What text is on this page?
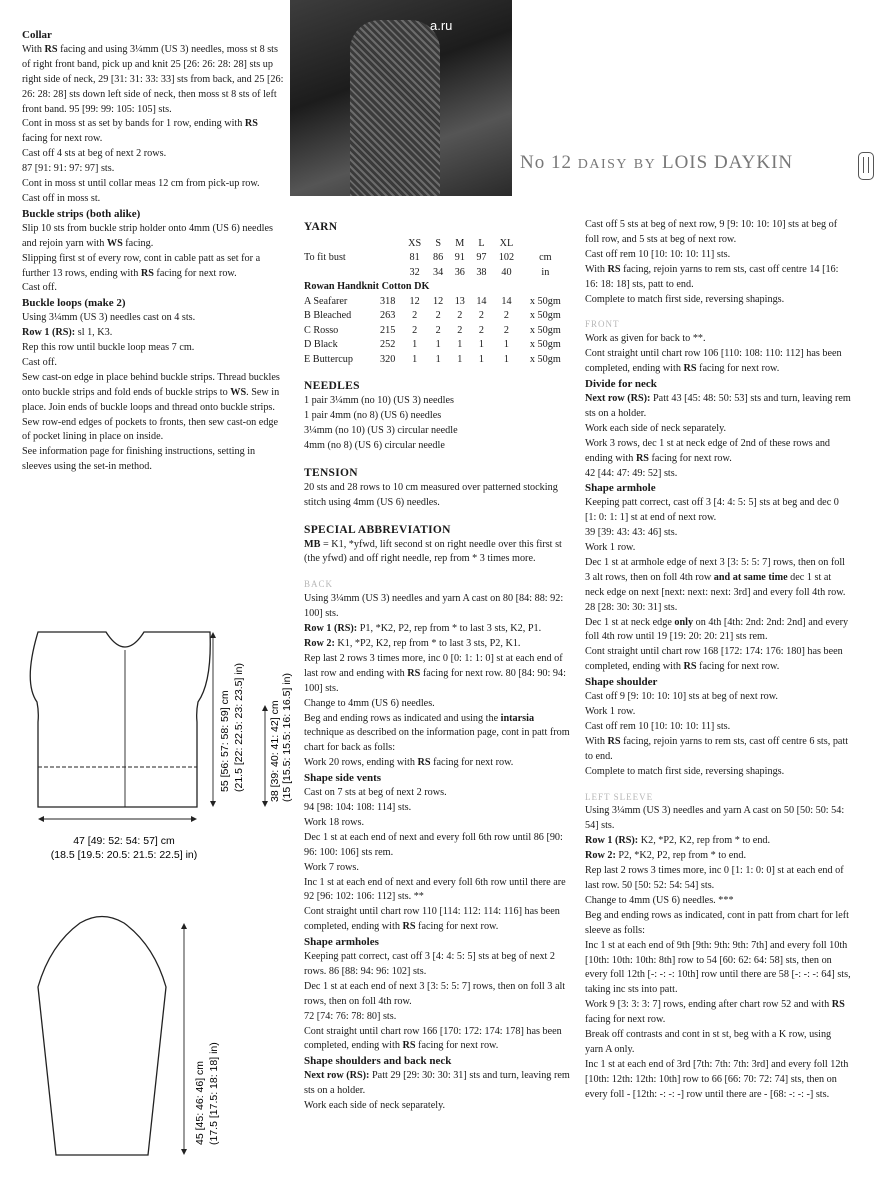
a.ru
No 12 DAISY BY LOIS DAYKIN

Collar

With RS facing and using 3¼mm (US 3) needles, moss st 8 sts of right front band, pick up and knit 25 [26: 26: 28: 28] sts up right side of neck, 29 [31: 31: 33: 33] sts from back, and 25 [26: 26: 28: 28] sts down left side of neck, then moss st 8 sts of left front band. 95 [99: 99: 105: 105] sts.

Cont in moss st as set by bands for 1 row, ending with RS facing for next row.

Cast off 4 sts at beg of next 2 rows.

87 [91: 91: 97: 97] sts.

Cont in moss st until collar meas 12 cm from pick-up row.

Cast off in moss st.

Buckle strips (both alike)

Slip 10 sts from buckle strip holder onto 4mm (US 6) needles and rejoin yarn with WS facing.

Slipping first st of every row, cont in cable patt as set for a further 13 rows, ending with RS facing for next row.

Cast off.

Buckle loops (make 2)

Using 3¼mm (US 3) needles cast on 4 sts.

Row 1 (RS): sl 1, K3.

Rep this row until buckle loop meas 7 cm.

Cast off.

Sew cast-on edge in place behind buckle strips. Thread buckles onto buckle strips and fold ends of buckle strips to WS. Sew in place. Join ends of buckle loops and thread onto buckle strips. Sew row-end edges of pockets to fronts, then sew cast-on edge of pocket lining in place on inside.

See information page for finishing instructions, setting in sleeves using the set-in method.

47 [49: 52: 54: 57] cm
(18.5 [19.5: 20.5: 21.5: 22.5] in)
55 [56: 57: 58: 59] cm (21.5 [22: 22.5: 23: 23.5] in) 38 [39: 40: 41: 42] cm (15 [15.5: 15.5: 16: 16.5] in)
45 [45: 46: 46] cm (17.5 [17.5: 18: 18] in)

YARN

		XS	S	M	L	XL	
To fit bust		81	86	91	97	102	cm
		32	34	36	38	40	in
Rowan Handknit Cotton DK							
A Seafarer	318	12	12	13	14	14	x 50gm
B Bleached	263	2	2	2	2	2	x 50gm
C Rosso	215	2	2	2	2	2	x 50gm
D Black	252	1	1	1	1	1	x 50gm
E Buttercup	320	1	1	1	1	1	x 50gm

NEEDLES

1 pair 3¼mm (no 10) (US 3) needles

1 pair 4mm (no 8) (US 6) needles

3¼mm (no 10) (US 3) circular needle

4mm (no 8) (US 6) circular needle

TENSION

20 sts and 28 rows to 10 cm measured over patterned stocking stitch using 4mm (US 6) needles.

SPECIAL ABBREVIATION

MB = K1, *yfwd, lift second st on right needle over this first st (the yfwd) and off right needle, rep from * 3 times more.

BACK

Using 3¼mm (US 3) needles and yarn A cast on 80 [84: 88: 92: 100] sts.

Row 1 (RS): P1, *K2, P2, rep from * to last 3 sts, K2, P1.

Row 2: K1, *P2, K2, rep from * to last 3 sts, P2, K1.

Rep last 2 rows 3 times more, inc 0 [0: 1: 1: 0] st at each end of last row and ending with RS facing for next row. 80 [84: 90: 94: 100] sts.

Change to 4mm (US 6) needles.

Beg and ending rows as indicated and using the intarsia technique as described on the information page, cont in patt from chart for back as folls:

Work 20 rows, ending with RS facing for next row.

Shape side vents

Cast on 7 sts at beg of next 2 rows.

94 [98: 104: 108: 114] sts.

Work 18 rows.

Dec 1 st at each end of next and every foll 6th row until 86 [90: 96: 100: 106] sts rem.

Work 7 rows.

Inc 1 st at each end of next and every foll 6th row until there are 92 [96: 102: 106: 112] sts. **

Cont straight until chart row 110 [114: 112: 114: 116] has been completed, ending with RS facing for next row.

Shape armholes

Keeping patt correct, cast off 3 [4: 4: 5: 5] sts at beg of next 2 rows. 86 [88: 94: 96: 102] sts.

Dec 1 st at each end of next 3 [3: 5: 5: 7] rows, then on foll 3 alt rows, then on foll 4th row.

72 [74: 76: 78: 80] sts.

Cont straight until chart row 166 [170: 172: 174: 178] has been completed, ending with RS facing for next row.

Shape shoulders and back neck

Next row (RS): Patt 29 [29: 30: 30: 31] sts and turn, leaving rem sts on a holder.

Work each side of neck separately.

Cast off 5 sts at beg of next row, 9 [9: 10: 10: 10] sts at beg of foll row, and 5 sts at beg of next row.

Cast off rem 10 [10: 10: 10: 11] sts.

With RS facing, rejoin yarns to rem sts, cast off centre 14 [16: 16: 18: 18] sts, patt to end.

Complete to match first side, reversing shapings.

FRONT

Work as given for back to **.

Cont straight until chart row 106 [110: 108: 110: 112] has been completed, ending with RS facing for next row.

Divide for neck

Next row (RS): Patt 43 [45: 48: 50: 53] sts and turn, leaving rem sts on a holder.

Work each side of neck separately.

Work 3 rows, dec 1 st at neck edge of 2nd of these rows and ending with RS facing for next row.

42 [44: 47: 49: 52] sts.

Shape armhole

Keeping patt correct, cast off 3 [4: 4: 5: 5] sts at beg and dec 0 [1: 0: 1: 1] st at end of next row.

39 [39: 43: 43: 46] sts.

Work 1 row.

Dec 1 st at armhole edge of next 3 [3: 5: 5: 7] rows, then on foll 3 alt rows, then on foll 4th row and at same time dec 1 st at neck edge on next [next: next: next: 3rd] and every foll 4th row.

28 [28: 30: 30: 31] sts.

Dec 1 st at neck edge only on 4th [4th: 2nd: 2nd: 2nd] and every foll 4th row until 19 [19: 20: 20: 21] sts rem.

Cont straight until chart row 168 [172: 174: 176: 180] has been completed, ending with RS facing for next row.

Shape shoulder

Cast off 9 [9: 10: 10: 10] sts at beg of next row.

Work 1 row.

Cast off rem 10 [10: 10: 10: 11] sts.

With RS facing, rejoin yarns to rem sts, cast off centre 6 sts, patt to end.

Complete to match first side, reversing shapings.

LEFT SLEEVE

Using 3¼mm (US 3) needles and yarn A cast on 50 [50: 50: 54: 54] sts.

Row 1 (RS): K2, *P2, K2, rep from * to end.

Row 2: P2, *K2, P2, rep from * to end.

Rep last 2 rows 3 times more, inc 0 [1: 1: 0: 0] st at each end of last row. 50 [50: 52: 54: 54] sts.

Change to 4mm (US 6) needles. ***

Beg and ending rows as indicated, cont in patt from chart for left sleeve as folls:

Inc 1 st at each end of 9th [9th: 9th: 9th: 7th] and every foll 10th [10th: 10th: 10th: 8th] row to 54 [60: 62: 64: 58] sts, then on every foll 12th [-: -: -: 10th] row until there are 58 [-: -: -: 64] sts, taking inc sts into patt.

Work 9 [3: 3: 3: 7] rows, ending after chart row 52 and with RS facing for next row.

Break off contrasts and cont in st st, beg with a K row, using yarn A only.

Inc 1 st at each end of 3rd [7th: 7th: 7th: 3rd] and every foll 12th [10th: 12th: 12th: 10th] row to 66 [66: 70: 72: 74] sts, then on every foll - [12th: -: -: -] row until there are - [68: -: -: -] sts.
